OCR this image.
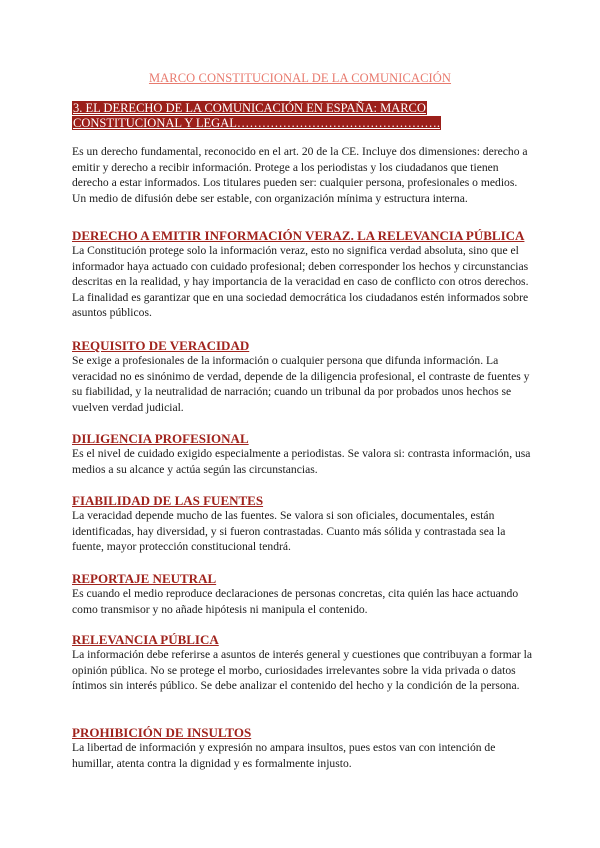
MARCO CONSTITUCIONAL DE LA COMUNICACIÓN
3. EL DERECHO DE LA COMUNICACIÓN EN ESPAÑA: MARCO CONSTITUCIONAL Y LEGAL………………………………………….

Es un derecho fundamental, reconocido en el art. 20 de la CE. Incluye dos dimensiones: derecho a emitir y derecho a recibir información. Protege a los periodistas y los ciudadanos que tienen derecho a estar informados. Los titulares pueden ser: cualquier persona, profesionales o medios. Un medio de difusión debe ser estable, con organización mínima y estructura interna.

DERECHO A EMITIR INFORMACIÓN VERAZ. LA RELEVANCIA PÚBLICA

La Constitución protege solo la información veraz, esto no significa verdad absoluta, sino que el informador haya actuado con cuidado profesional; deben corresponder los hechos y circunstancias descritas en la realidad, y hay importancia de la veracidad en caso de conflicto con otros derechos. La finalidad es garantizar que en una sociedad democrática los ciudadanos estén informados sobre asuntos públicos.

REQUISITO DE VERACIDAD

Se exige a profesionales de la información o cualquier persona que difunda información. La veracidad no es sinónimo de verdad, depende de la diligencia profesional, el contraste de fuentes y su fiabilidad, y la neutralidad de narración; cuando un tribunal da por probados unos hechos se vuelven verdad judicial.

DILIGENCIA PROFESIONAL

Es el nivel de cuidado exigido especialmente a periodistas. Se valora si: contrasta información, usa medios a su alcance y actúa según las circunstancias.

FIABILIDAD DE LAS FUENTES

La veracidad depende mucho de las fuentes. Se valora si son oficiales, documentales, están identificadas, hay diversidad, y si fueron contrastadas. Cuanto más sólida y contrastada sea la fuente, mayor protección constitucional tendrá.

REPORTAJE NEUTRAL

Es cuando el medio reproduce declaraciones de personas concretas, cita quién las hace actuando como transmisor y no añade hipótesis ni manipula el contenido.

RELEVANCIA PÚBLICA

La información debe referirse a asuntos de interés general y cuestiones que contribuyan a formar la opinión pública. No se protege el morbo, curiosidades irrelevantes sobre la vida privada o datos íntimos sin interés público. Se debe analizar el contenido del hecho y la condición de la persona.

PROHIBICIÓN DE INSULTOS

La libertad de información y expresión no ampara insultos, pues estos van con intención de humillar, atenta contra la dignidad y es formalmente injusto.
